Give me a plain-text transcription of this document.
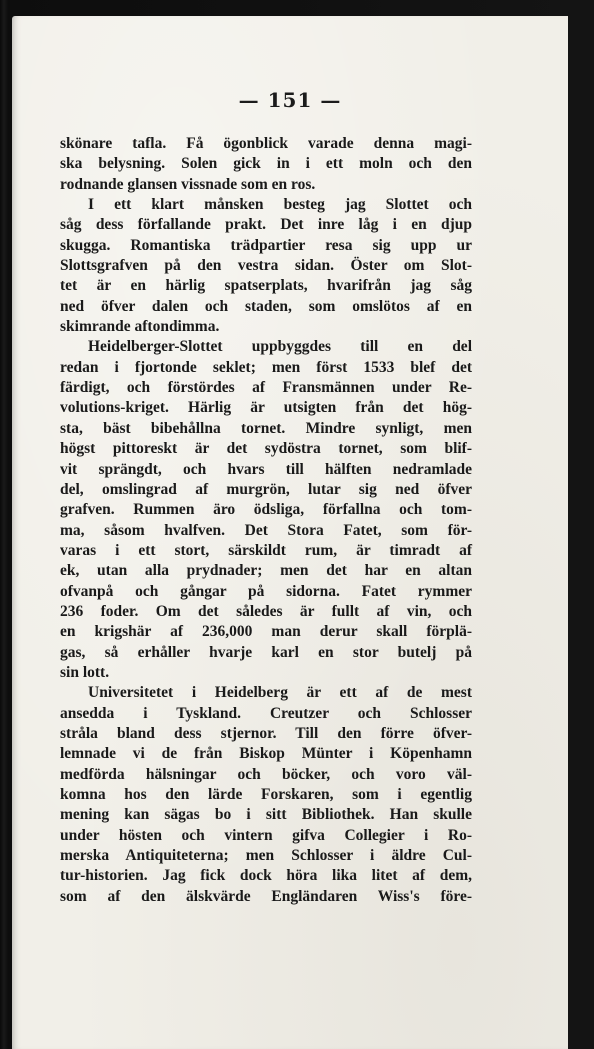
— 151 —
skönare tafla. Få ögonblick varade denna magi-
ska belysning. Solen gick in i ett moln och den
rodnande glansen vissnade som en ros.
I ett klart månsken besteg jag Slottet och
såg dess förfallande prakt. Det inre låg i en djup
skugga. Romantiska trädpartier resa sig upp ur
Slottsgrafven på den vestra sidan. Öster om Slot-
tet är en härlig spatserplats, hvarifrån jag såg
ned öfver dalen och staden, som omslötos af en
skimrande aftondimma.
Heidelberger-Slottet uppbyggdes till en del
redan i fjortonde seklet; men först 1533 blef det
färdigt, och förstördes af Fransmännen under Re-
volutions-kriget. Härlig är utsigten från det hög-
sta, bäst bibehållna tornet. Mindre synligt, men
högst pittoreskt är det sydöstra tornet, som blif-
vit sprängdt, och hvars till hälften nedramlade
del, omslingrad af murgrön, lutar sig ned öfver
grafven. Rummen äro ödsliga, förfallna och tom-
ma, såsom hvalfven. Det Stora Fatet, som för-
varas i ett stort, särskildt rum, är timradt af
ek, utan alla prydnader; men det har en altan
ofvanpå och gångar på sidorna. Fatet rymmer
236 foder. Om det således är fullt af vin, och
en krigshär af 236,000 man derur skall förplä-
gas, så erhåller hvarje karl en stor butelj på
sin lott.
Universitetet i Heidelberg är ett af de mest
ansedda i Tyskland. Creutzer och Schlosser
stråla bland dess stjernor. Till den förre öfver-
lemnade vi de från Biskop Münter i Köpenhamn
medförda hälsningar och böcker, och voro väl-
komna hos den lärde Forskaren, som i egentlig
mening kan sägas bo i sitt Bibliothek. Han skulle
under hösten och vintern gifva Collegier i Ro-
merska Antiquiteterna; men Schlosser i äldre Cul-
tur-historien. Jag fick dock höra lika litet af dem,
som af den älskvärde Engländaren Wiss's före-
